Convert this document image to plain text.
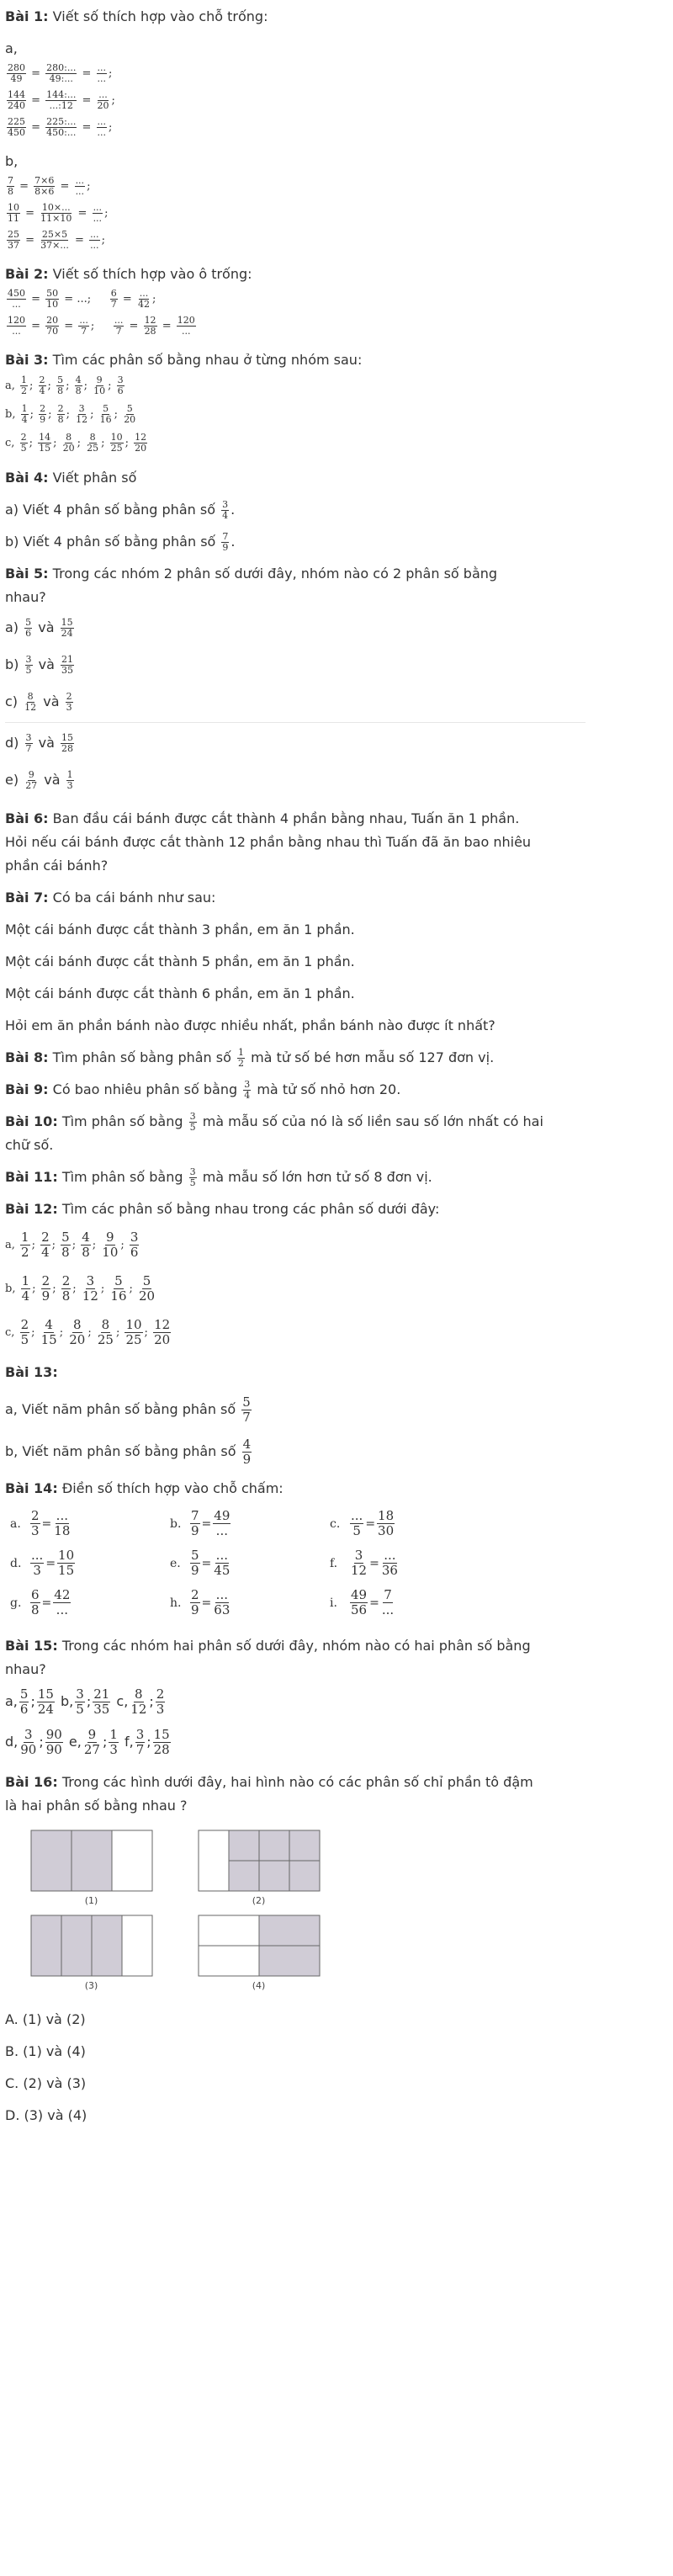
Bài 1: Viết số thích hợp vào chỗ trống:

a,

$\frac{280}{49} = \frac{280:...}{49:...} = \frac{...}{...}$ ;
$\frac{144}{240} = \frac{144:...}{...:12} = \frac{...}{20}$ ;
$\frac{225}{450} = \frac{225:...}{450:...} = \frac{...}{...}$ ;

b,

$\frac{7}{8} = \frac{7\times 6}{8\times 6} = \frac{...}{...}$ ;
$\frac{10}{11} = \frac{10\times...}{11\times 10} = \frac{...}{...}$ ;
$\frac{25}{37} = \frac{25\times 5}{37\times...} = \frac{...}{...}$ ;

Bài 2: Viết số thích hợp vào ô trống:

$\frac{450}{...} = \frac{50}{10}$ = ...; $\frac{6}{7} = \frac{...}{42}$ ;
$\frac{120}{...} = \frac{20}{70} = \frac{...}{7}$ ; $\frac{...}{7} = \frac{12}{28} = \frac{120}{...}$

Bài 3: Tìm các phân số bằng nhau ở từng nhóm sau:

a, $\frac{1}{2}$ ; $\frac{2}{4}$ ; $\frac{5}{8}$ ; $\frac{4}{8}$ ; $\frac{9}{10}$ ; $\frac{3}{6}$
b, $\frac{1}{4}$ ; $\frac{2}{9}$ ; $\frac{2}{8}$ ; $\frac{3}{12}$ ; $\frac{5}{16}$ ; $\frac{5}{20}$
c, $\frac{2}{5}$ ; $\frac{14}{15}$ ; $\frac{8}{20}$ ; $\frac{8}{25}$ ; $\frac{10}{25}$ ; $\frac{12}{20}$

Bài 4: Viết phân số

a) Viết 4 phân số bằng phân số $\frac{3}{4}$ .

b) Viết 4 phân số bằng phân số $\frac{7}{9}$ .

Bài 5: Trong các nhóm 2 phân số dưới đây, nhóm nào có 2 phân số bằng

nhau?

$a) \frac{5}{6}$ và $\frac{15}{24}$
$b) \frac{3}{5}$ và $\frac{21}{35}$
$c) \frac{8}{12}$ và $\frac{2}{3}$
$d) \frac{3}{7}$ và $\frac{15}{28}$
$e) \frac{9}{27}$ và $\frac{1}{3}$

Bài 6: Ban đầu cái bánh được cắt thành 4 phần bằng nhau, Tuấn ăn 1 phần.

Hỏi nếu cái bánh được cắt thành 12 phần bằng nhau thì Tuấn đã ăn bao nhiêu

phần cái bánh?

Bài 7: Có ba cái bánh như sau:

Một cái bánh được cắt thành 3 phần, em ăn 1 phần.

Một cái bánh được cắt thành 5 phần, em ăn 1 phần.

Một cái bánh được cắt thành 6 phần, em ăn 1 phần.

Hỏi em ăn phần bánh nào được nhiều nhất, phần bánh nào được ít nhất?

Bài 8: Tìm phân số bằng phân số $\frac{1}{2}$ mà tử số bé hơn mẫu số 127 đơn vị.

Bài 9: Có bao nhiêu phân số bằng $\frac{3}{4}$ mà tử số nhỏ hơn 20.

Bài 10: Tìm phân số bằng $\frac{3}{5}$ mà mẫu số của nó là số liền sau số lớn nhất có hai

chữ số.

Bài 11: Tìm phân số bằng $\frac{3}{5}$ mà mẫu số lớn hơn tử số 8 đơn vị.

Bài 12: Tìm các phân số bằng nhau trong các phân số dưới đây:

a, $\frac{1}{2}$ ; $\frac{2}{4}$ ; $\frac{5}{8}$ ; $\frac{4}{8}$ ; $\frac{9}{10}$ ; $\frac{3}{6}$
b, $\frac{1}{4}$ ; $\frac{2}{9}$ ; $\frac{2}{8}$ ; $\frac{3}{12}$ ; $\frac{5}{16}$ ; $\frac{5}{20}$
c, $\frac{2}{5}$ ; $\frac{4}{15}$ ; $\frac{8}{20}$ ; $\frac{8}{25}$ ; $\frac{10}{25}$ ; $\frac{12}{20}$

Bài 13:

a, Viết năm phân số bằng phân số $\frac{5}{7}$

b, Viết năm phân số bằng phân số $\frac{4}{9}$

Bài 14: Điền số thích hợp vào chỗ chấm:

a. $\frac{2}{3} = \frac{...}{18}$	b. $\frac{7}{9} = \frac{49}{...}$	c. $\frac{...}{5} = \frac{18}{30}$
d. $\frac{...}{3} = \frac{10}{15}$	e. $\frac{5}{9} = \frac{...}{45}$	f. $\frac{3}{12} = \frac{...}{36}$
g. $\frac{6}{8} = \frac{42}{...}$	h. $\frac{2}{9} = \frac{...}{63}$	i.	$\frac{49}{56} = \frac{7}{...}$

Bài 15: Trong các nhóm hai phân số dưới đây, nhóm nào có hai phân số bằng

nhau?

a, $\frac{5}{6}$ ; $\frac{15}{24} b$, $\frac{3}{5}$ ; $\frac{21}{35} c$, $\frac{8}{12}$ ; $\frac{2}{3}$
d, $\frac{3}{90}$ ; $\frac{90}{90} e$, $\frac{9}{27}$ ; $\frac{1}{3} f$, $\frac{3}{7}$ ; $\frac{15}{28}$

Bài 16: Trong các hình dưới đây, hai hình nào có các phân số chỉ phần tô đậm

là hai phân số bằng nhau ?

(1)	(2)
(3)	(4)

A. (1) và (2)

B. (1) và (4)

C. (2) và (3)

D. (3) và (4)
